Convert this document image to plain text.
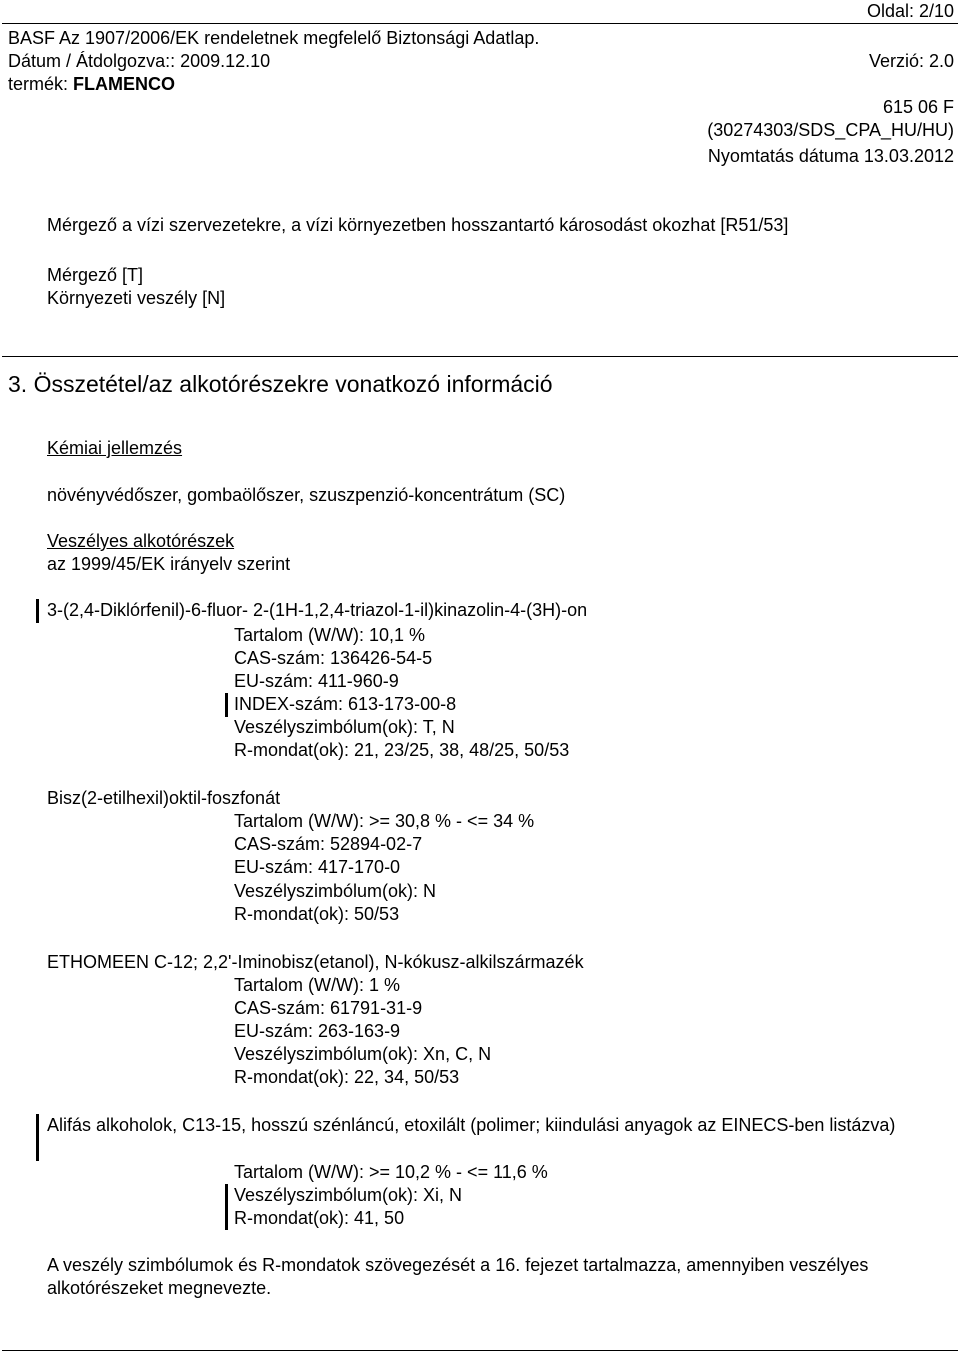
Oldal: 2/10
BASF Az 1907/2006/EK rendeletnek megfelelő Biztonsági Adatlap.
Dátum / Átdolgozva:: 2009.12.10	Verzió: 2.0
termék: FLAMENCO
615 06 F
(30274303/SDS_CPA_HU/HU)
Nyomtatás dátuma 13.03.2012
Mérgező a vízi szervezetekre, a vízi környezetben hosszantartó károsodást okozhat [R51/53]
Mérgező [T]
Környezeti veszély [N]
3. Összetétel/az alkotórészekre vonatkozó információ
Kémiai jellemzés
növényvédőszer, gombaölőszer, szuszpenzió-koncentrátum (SC)
Veszélyes alkotórészek
az 1999/45/EK irányelv szerint
3-(2,4-Diklórfenil)-6-fluor- 2-(1H-1,2,4-triazol-1-il)kinazolin-4-(3H)-on
Tartalom (W/W): 10,1 %
CAS-szám: 136426-54-5
EU-szám: 411-960-9
INDEX-szám: 613-173-00-8
Veszélyszimbólum(ok): T, N
R-mondat(ok): 21, 23/25, 38, 48/25, 50/53
Bisz(2-etilhexil)oktil-foszfonát
Tartalom (W/W): >= 30,8 % - <= 34 %
CAS-szám: 52894-02-7
EU-szám: 417-170-0
Veszélyszimbólum(ok): N
R-mondat(ok): 50/53
ETHOMEEN C-12; 2,2'-Iminobisz(etanol), N-kókusz-alkilszármazék
Tartalom (W/W): 1 %
CAS-szám: 61791-31-9
EU-szám: 263-163-9
Veszélyszimbólum(ok): Xn, C, N
R-mondat(ok): 22, 34, 50/53
Alifás alkoholok, C13-15, hosszú szénláncú, etoxilált (polimer; kiindulási anyagok az EINECS-ben listázva)
Tartalom (W/W): >= 10,2 % - <= 11,6 %
Veszélyszimbólum(ok): Xi, N
R-mondat(ok): 41, 50
A veszély szimbólumok és R-mondatok szövegezését a 16. fejezet tartalmazza, amennyiben veszélyes alkotórészeket megnevezte.
